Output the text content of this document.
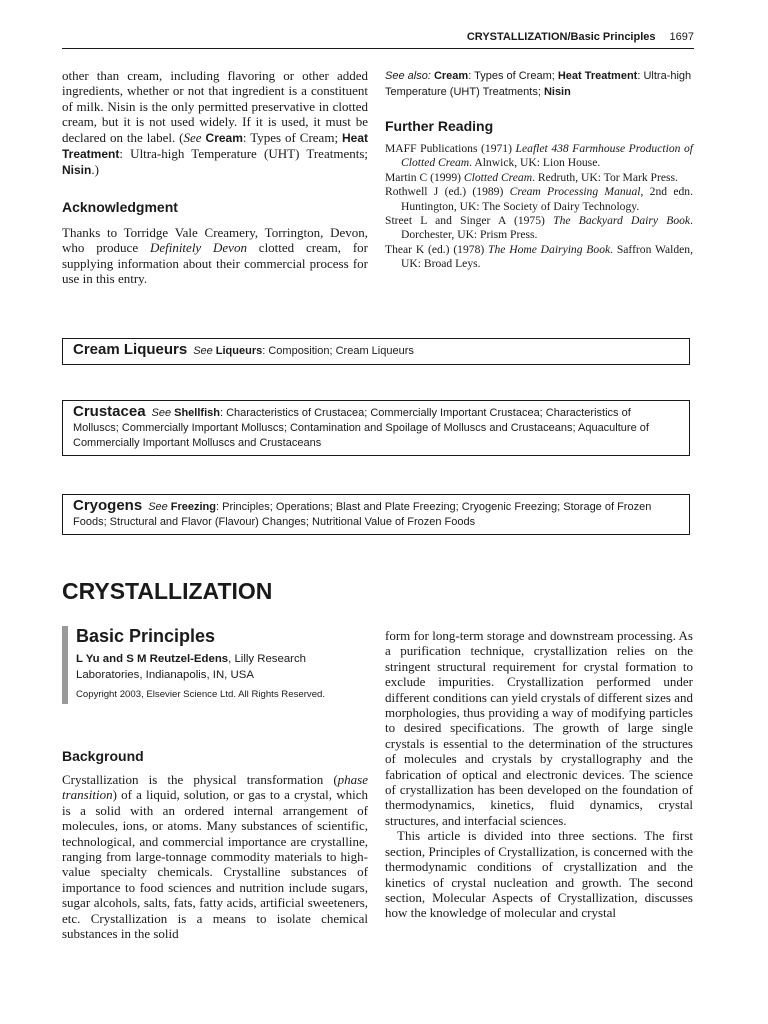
CRYSTALLIZATION/Basic Principles 1697

other than cream, including flavoring or other added ingredients, whether or not that ingredient is a constituent of milk. Nisin is the only permitted preservative in clotted cream, but it is not used widely. If it is used, it must be declared on the label. (See Cream: Types of Cream; Heat Treatment: Ultra-high Temperature (UHT) Treatments; Nisin.)

Acknowledgment

Thanks to Torridge Vale Creamery, Torrington, Devon, who produce Definitely Devon clotted cream, for supplying information about their commercial process for use in this entry.

See also: Cream: Types of Cream; Heat Treatment: Ultra-high Temperature (UHT) Treatments; Nisin

Further Reading
MAFF Publications (1971) Leaflet 438 Farmhouse Production of Clotted Cream. Alnwick, UK: Lion House.
Martin C (1999) Clotted Cream. Redruth, UK: Tor Mark Press.
Rothwell J (ed.) (1989) Cream Processing Manual, 2nd edn. Huntington, UK: The Society of Dairy Technology.
Street L and Singer A (1975) The Backyard Dairy Book. Dorchester, UK: Prism Press.
Thear K (ed.) (1978) The Home Dairying Book. Saffron Walden, UK: Broad Leys.
Cream Liqueurs See Liqueurs: Composition; Cream Liqueurs
Crustacea See Shellfish: Characteristics of Crustacea; Commercially Important Crustacea; Characteristics of Molluscs; Commercially Important Molluscs; Contamination and Spoilage of Molluscs and Crustaceans; Aquaculture of Commercially Important Molluscs and Crustaceans
Cryogens See Freezing: Principles; Operations; Blast and Plate Freezing; Cryogenic Freezing; Storage of Frozen Foods; Structural and Flavor (Flavour) Changes; Nutritional Value of Frozen Foods
CRYSTALLIZATION
Basic Principles

L Yu and S M Reutzel-Edens, Lilly Research Laboratories, Indianapolis, IN, USA

Copyright 2003, Elsevier Science Ltd. All Rights Reserved.

Background

Crystallization is the physical transformation (phase transition) of a liquid, solution, or gas to a crystal, which is a solid with an ordered internal arrangement of molecules, ions, or atoms. Many substances of scientific, technological, and commercial importance are crystalline, ranging from large-tonnage commodity materials to high-value specialty chemicals. Crystalline substances of importance to food sciences and nutrition include sugars, sugar alcohols, salts, fats, fatty acids, artificial sweeteners, etc. Crystallization is a means to isolate chemical substances in the solid

form for long-term storage and downstream processing. As a purification technique, crystallization relies on the stringent structural requirement for crystal formation to exclude impurities. Crystallization performed under different conditions can yield crystals of different sizes and morphologies, thus providing a way of modifying particles to desired specifications. The growth of large single crystals is essential to the determination of the structures of molecules and crystals by crystallography and the fabrication of optical and electronic devices. The science of crystallization has been developed on the foundation of thermodynamics, kinetics, fluid dynamics, crystal structures, and interfacial sciences.

This article is divided into three sections. The first section, Principles of Crystallization, is concerned with the thermodynamic conditions of crystallization and the kinetics of crystal nucleation and growth. The second section, Molecular Aspects of Crystallization, discusses how the knowledge of molecular and crystal
